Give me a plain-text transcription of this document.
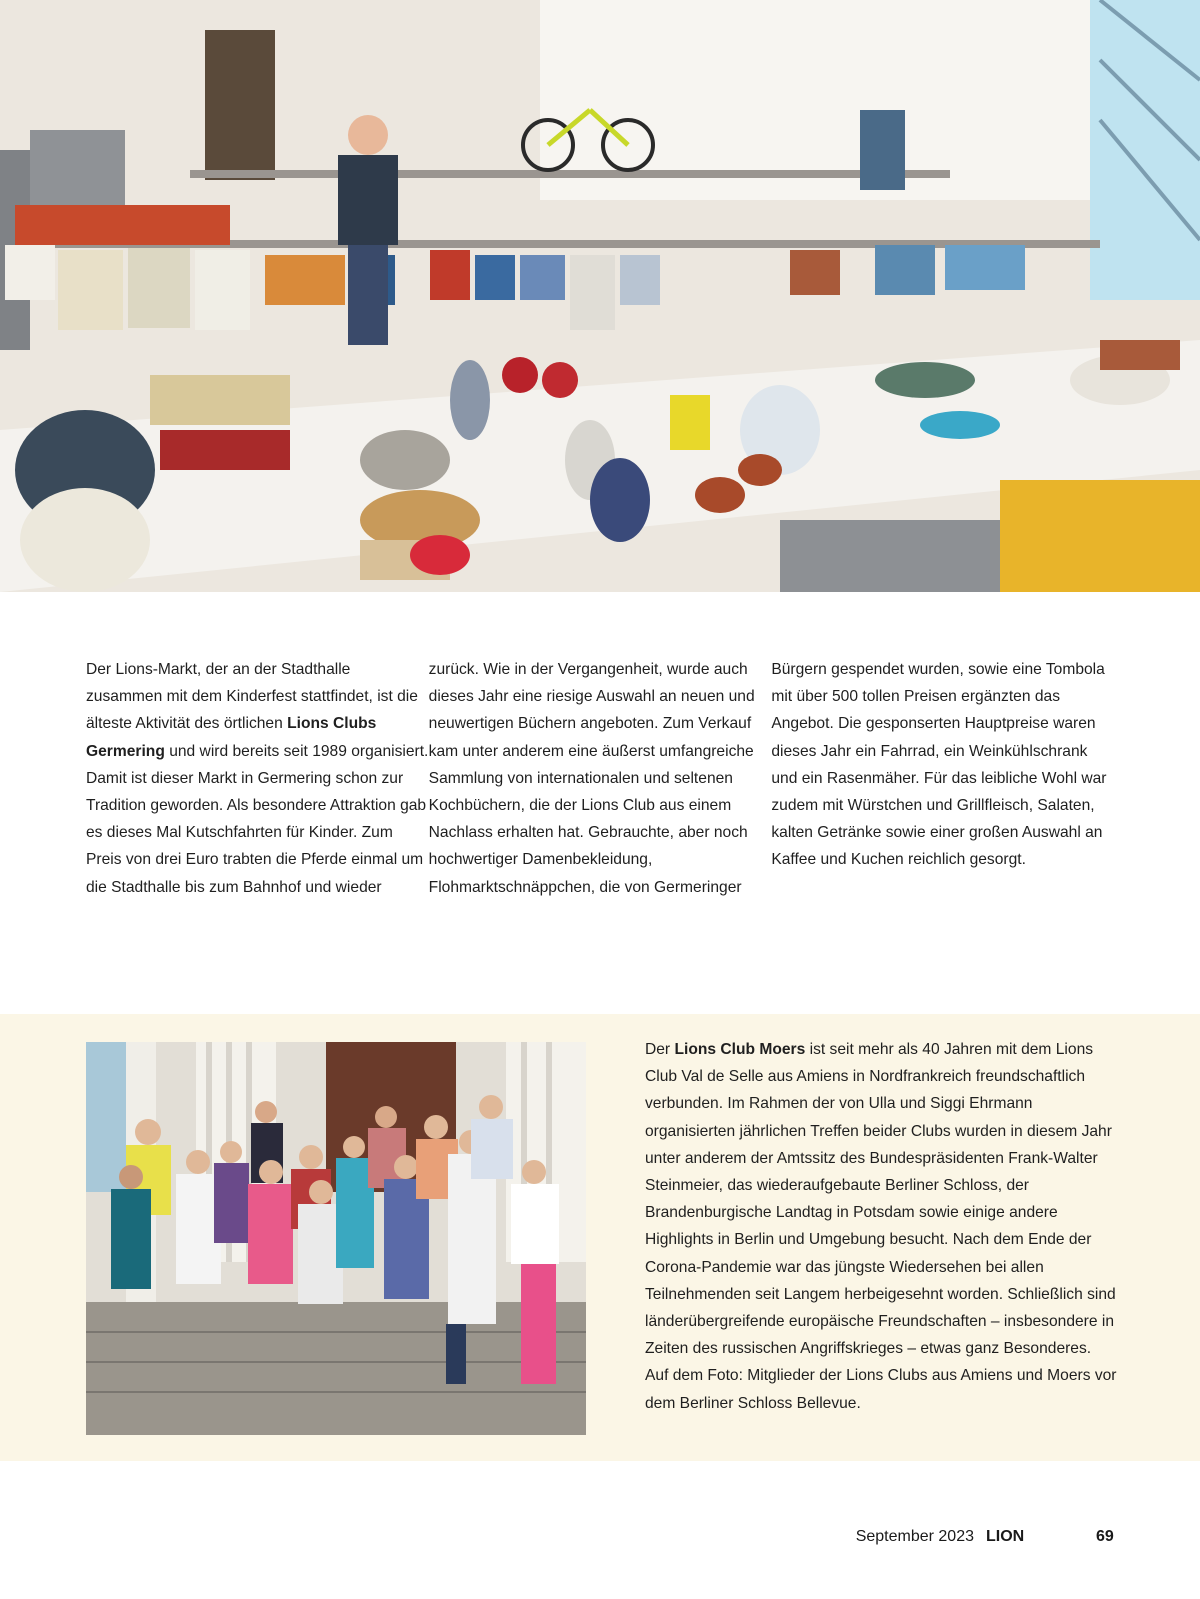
Der Lions-Markt, der an der Stadthalle zusammen mit dem Kinderfest stattfindet, ist die älteste Aktivität des örtlichen Lions Clubs Germering und wird bereits seit 1989 organisiert. Damit ist dieser Markt in Germering schon zur Tradition geworden. Als besondere Attraktion gab es dieses Mal Kutschfahrten für Kinder. Zum Preis von drei Euro trabten die Pferde einmal um die Stadthalle bis zum Bahnhof und wieder

zurück. Wie in der Vergangenheit, wurde auch dieses Jahr eine riesige Auswahl an neuen und neuwertigen Büchern angeboten. Zum Verkauf kam unter anderem eine äußerst umfangreiche Sammlung von internationalen und seltenen Kochbüchern, die der Lions Club aus einem Nachlass erhalten hat. Gebrauchte, aber noch hochwertiger Damenbekleidung, Flohmarktschnäppchen, die von Germeringer

Bürgern gespendet wurden, sowie eine Tombola mit über 500 tollen Preisen ergänzten das Angebot. Die gesponserten Hauptpreise waren dieses Jahr ein Fahrrad, ein Weinkühlschrank und ein Rasenmäher. Für das leibliche Wohl war zudem mit Würstchen und Grillfleisch, Salaten, kalten Getränke sowie einer großen Auswahl an Kaffee und Kuchen reichlich gesorgt.

Der Lions Club Moers ist seit mehr als 40 Jahren mit dem Lions Club Val de Selle aus Amiens in Nordfrankreich freundschaftlich verbunden. Im Rahmen der von Ulla und Siggi Ehrmann organisierten jährlichen Treffen beider Clubs wurden in diesem Jahr unter anderem der Amtssitz des Bundespräsidenten Frank-Walter Steinmeier, das wiederaufgebaute Berliner Schloss, der Brandenburgische Landtag in Potsdam sowie einige andere Highlights in Berlin und Umgebung besucht. Nach dem Ende der Corona-Pandemie war das jüngste Wiedersehen bei allen Teilnehmenden seit Langem herbeigesehnt worden. Schließlich sind länderübergreifende europäische Freundschaften – insbesondere in Zeiten des russischen Angriffskrieges – etwas ganz Besonderes.

Auf dem Foto: Mitglieder der Lions Clubs aus Amiens und Moers vor dem Berliner Schloss Bellevue.

September 2023 LION	69
